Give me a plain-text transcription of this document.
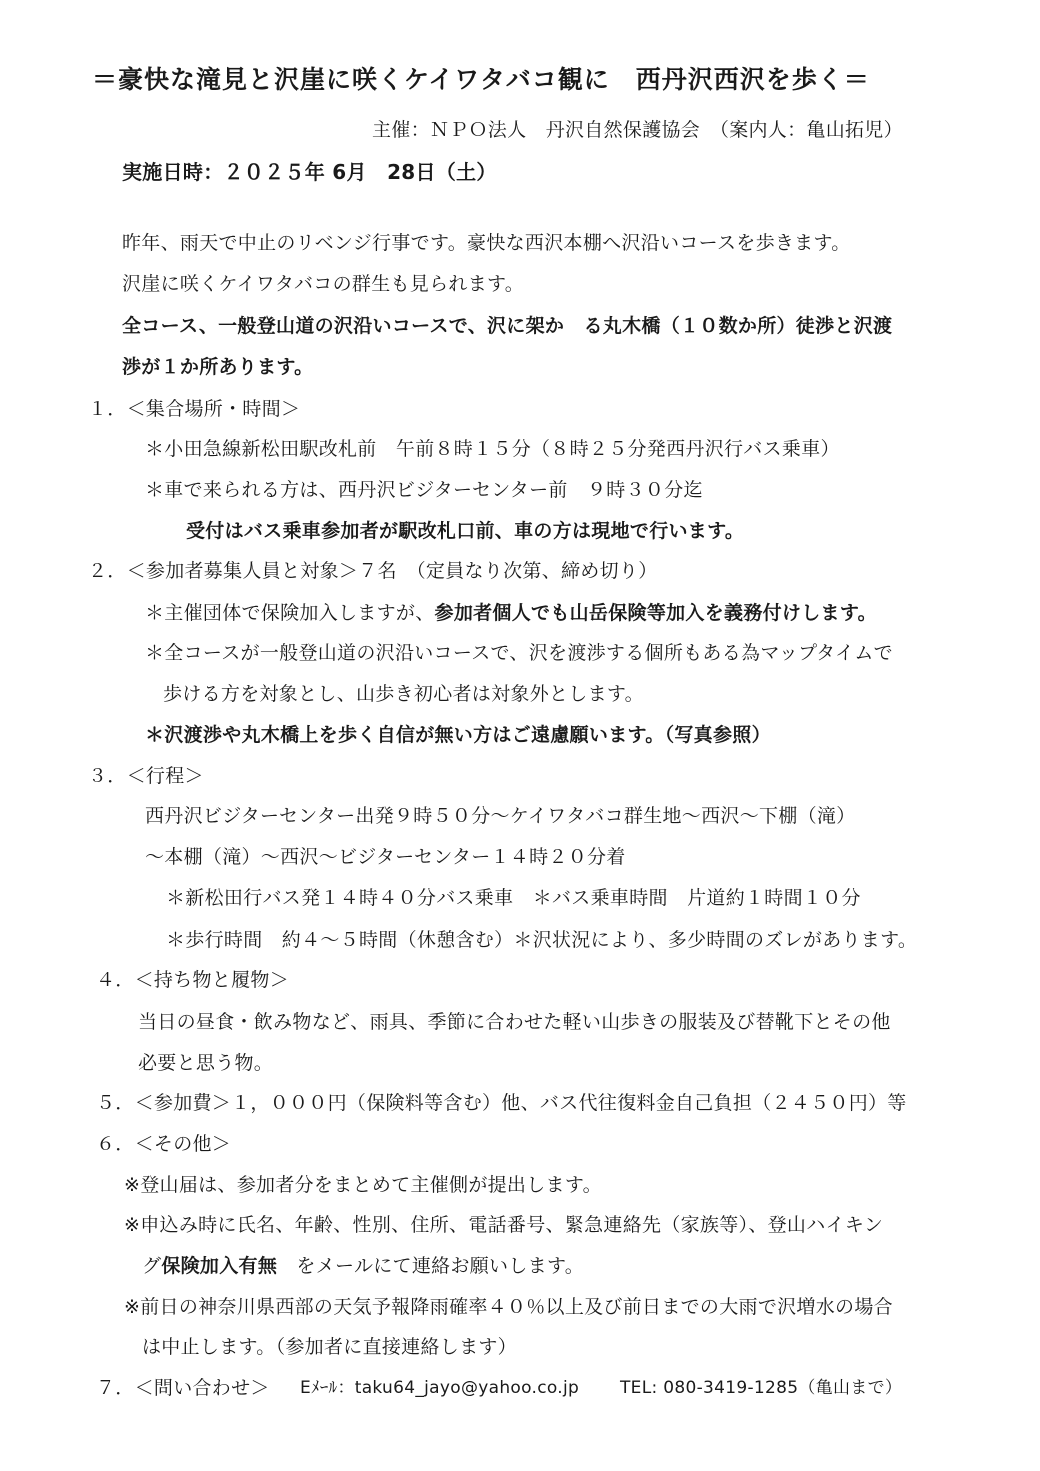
＝豪快な滝見と沢崖に咲くケイワタバコ観に　西丹沢西沢を歩く＝
主催：ＮＰＯ法人　丹沢自然保護協会　（案内人：亀山拓児）
実施日時：２０２５年 6月　28日（土）
昨年、雨天で中止のリベンジ行事です。豪快な西沢本棚へ沢沿いコースを歩きます。
沢崖に咲くケイワタバコの群生も見られます。
全コース、一般登山道の沢沿いコースで、沢に架か　る丸木橋（１０数か所）徒渉と沢渡
渉が１か所あります。
１．＜集合場所・時間＞
＊小田急線新松田駅改札前　午前８時１５分（８時２５分発西丹沢行バス乗車）
＊車で来られる方は、西丹沢ビジターセンター前　９時３０分迄
受付はバス乗車参加者が駅改札口前、車の方は現地で行います。
２．＜参加者募集人員と対象＞７名　（定員なり次第、締め切り）
＊主催団体で保険加入しますが、参加者個人でも山岳保険等加入を義務付けします。
＊全コースが一般登山道の沢沿いコースで、沢を渡渉する個所もある為マップタイムで
歩ける方を対象とし、山歩き初心者は対象外とします。
＊沢渡渉や丸木橋上を歩く自信が無い方はご遠慮願います。（写真参照）
３．＜行程＞
西丹沢ビジターセンター出発９時５０分～ケイワタバコ群生地～西沢～下棚（滝）
～本棚（滝）～西沢～ビジターセンター１４時２０分着
＊新松田行バス発１４時４０分バス乗車　＊バス乗車時間　片道約１時間１０分
＊歩行時間　約４～５時間（休憩含む）＊沢状況により、多少時間のズレがあります。
４．＜持ち物と履物＞
当日の昼食・飲み物など、雨具、季節に合わせた軽い山歩きの服装及び替靴下とその他
必要と思う物。
５．＜参加費＞１，０００円（保険料等含む）他、バス代往復料金自己負担（２４５０円）等
６．＜その他＞
※登山届は、参加者分をまとめて主催側が提出します。
※申込み時に氏名、年齢、性別、住所、電話番号、緊急連絡先（家族等）、登山ハイキン
グ保険加入有無　をメールにて連絡お願いします。
※前日の神奈川県西部の天気予報降雨確率４０％以上及び前日までの大雨で沢増水の場合
は中止します。（参加者に直接連絡します）
７．＜問い合わせ＞ Eﾒｰﾙ：taku64_jayo@yahoo.co.jp TEL: 080-3419-1285（亀山まで）
